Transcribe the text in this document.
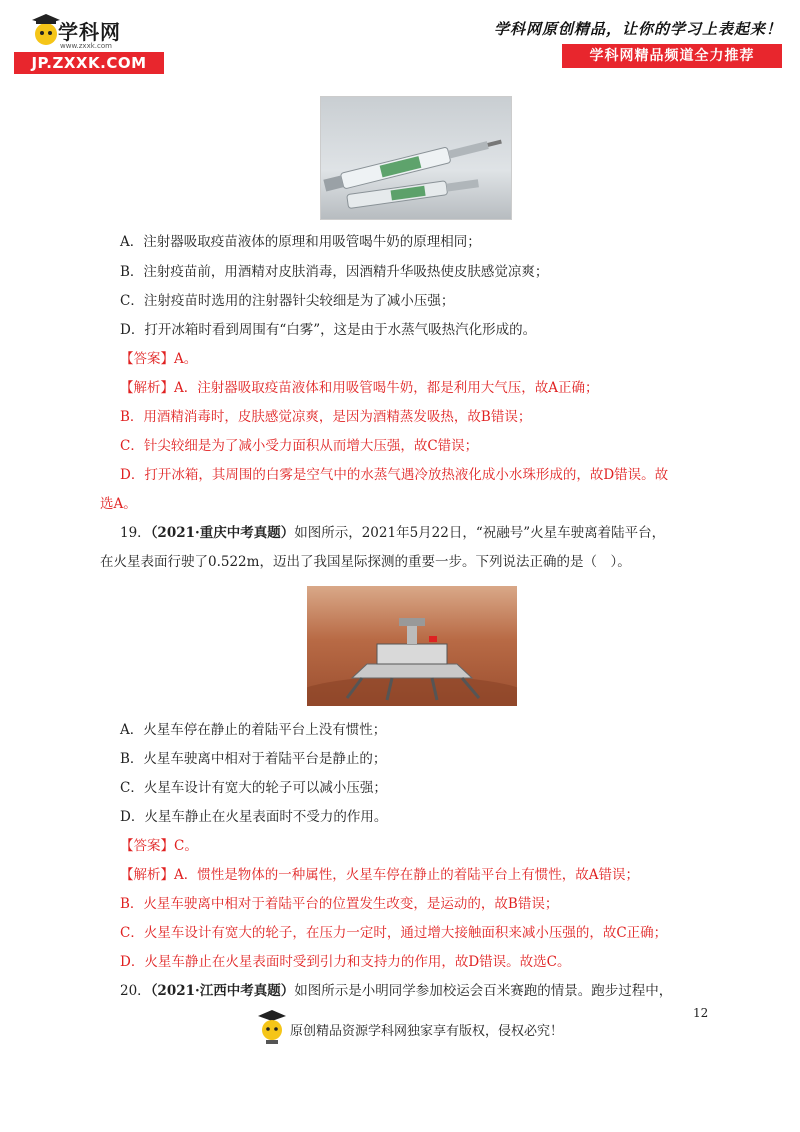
学科网
www.zxxk.com
JP.ZXXK.COM
学科网原创精品，让你的学习上表起来！
学科网精品频道全力推荐
A．注射器吸取疫苗液体的原理和用吸管喝牛奶的原理相同；
B．注射疫苗前，用酒精对皮肤消毒，因酒精升华吸热使皮肤感觉凉爽；
C．注射疫苗时选用的注射器针尖较细是为了减小压强；
D．打开冰箱时看到周围有“白雾”，这是由于水蒸气吸热汽化形成的。
【答案】A。
【解析】A．注射器吸取疫苗液体和用吸管喝牛奶，都是利用大气压，故A正确；
B．用酒精消毒时，皮肤感觉凉爽，是因为酒精蒸发吸热，故B错误；
C．针尖较细是为了减小受力面积从而增大压强，故C错误；
D．打开冰箱，其周围的白雾是空气中的水蒸气遇冷放热液化成小水珠形成的，故D错误。故
选A。
19．（2021·重庆中考真题）如图所示，2021年5月22日，“祝融号”火星车驶离着陆平台，
在火星表面行驶了0.522m，迈出了我国星际探测的重要一步。下列说法正确的是（　）。
A．火星车停在静止的着陆平台上没有惯性；
B．火星车驶离中相对于着陆平台是静止的；
C．火星车设计有宽大的轮子可以减小压强；
D．火星车静止在火星表面时不受力的作用。
【答案】C。
【解析】A．惯性是物体的一种属性，火星车停在静止的着陆平台上有惯性，故A错误；
B．火星车驶离中相对于着陆平台的位置发生改变，是运动的，故B错误；
C．火星车设计有宽大的轮子，在压力一定时，通过增大接触面积来减小压强的，故C正确；
D．火星车静止在火星表面时受到引力和支持力的作用，故D错误。故选C。
20．（2021·江西中考真题）如图所示是小明同学参加校运会百米赛跑的情景。跑步过程中，
12
原创精品资源学科网独家享有版权，侵权必究！
